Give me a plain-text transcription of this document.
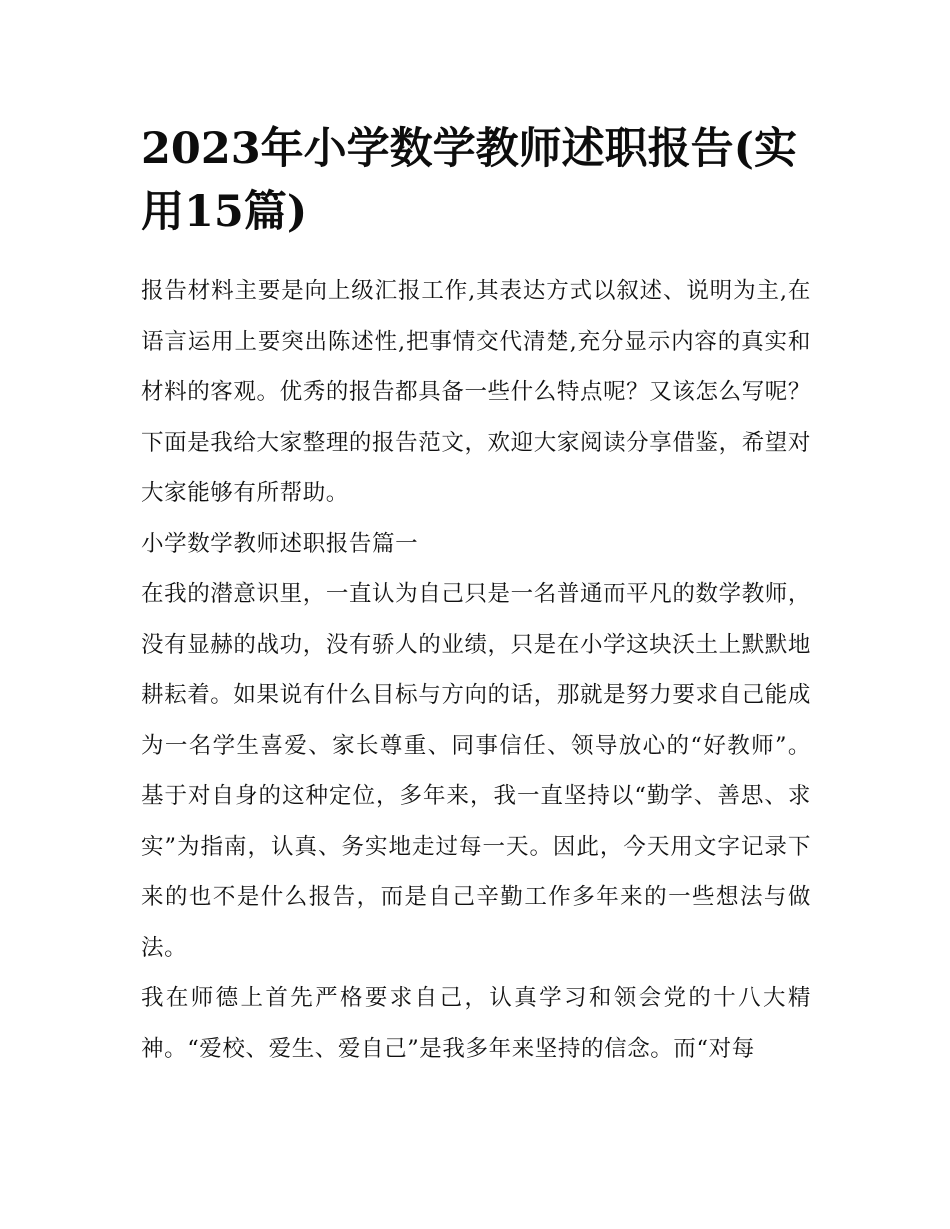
2023年小学数学教师述职报告(实用15篇)

报告材料主要是向上级汇报工作,其表达方式以叙述、说明为主,在语言运用上要突出陈述性,把事情交代清楚,充分显示内容的真实和材料的客观。优秀的报告都具备一些什么特点呢？又该怎么写呢？下面是我给大家整理的报告范文，欢迎大家阅读分享借鉴，希望对大家能够有所帮助。

小学数学教师述职报告篇一

在我的潜意识里，一直认为自己只是一名普通而平凡的数学教师，没有显赫的战功，没有骄人的业绩，只是在小学这块沃土上默默地耕耘着。如果说有什么目标与方向的话，那就是努力要求自己能成为一名学生喜爱、家长尊重、同事信任、领导放心的“好教师”。基于对自身的这种定位，多年来，我一直坚持以“勤学、善思、求实”为指南，认真、务实地走过每一天。因此，今天用文字记录下来的也不是什么报告，而是自己辛勤工作多年来的一些想法与做法。

我在师德上首先严格要求自己，认真学习和领会党的十八大精神。“爱校、爱生、爱自己”是我多年来坚持的信念。而“对每
